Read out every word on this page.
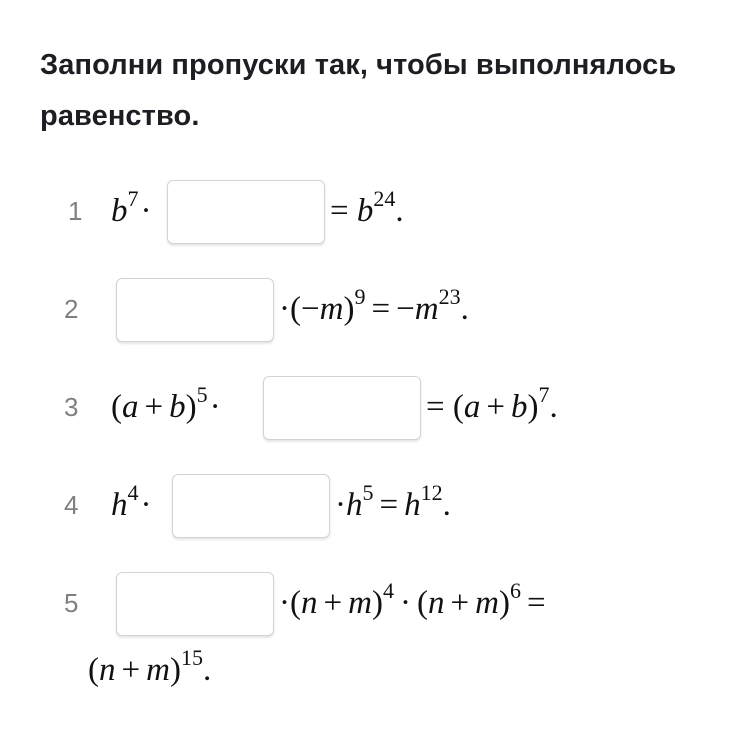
Заполни пропуски так, чтобы выполнялось равенство.
1 $b^7\cdot$	= $b^{24}$.
2	$\cdot(-m)^9 = -m^{23}$.
3 $(a + b)^5\cdot$	= $(a + b)^7$.
4 $h^4\cdot$	$\cdot h^5 = h^{12}$.
5	$\cdot(n + m)^4 \cdot (n + m)^6$ =
$(n + m)^{15}$.
